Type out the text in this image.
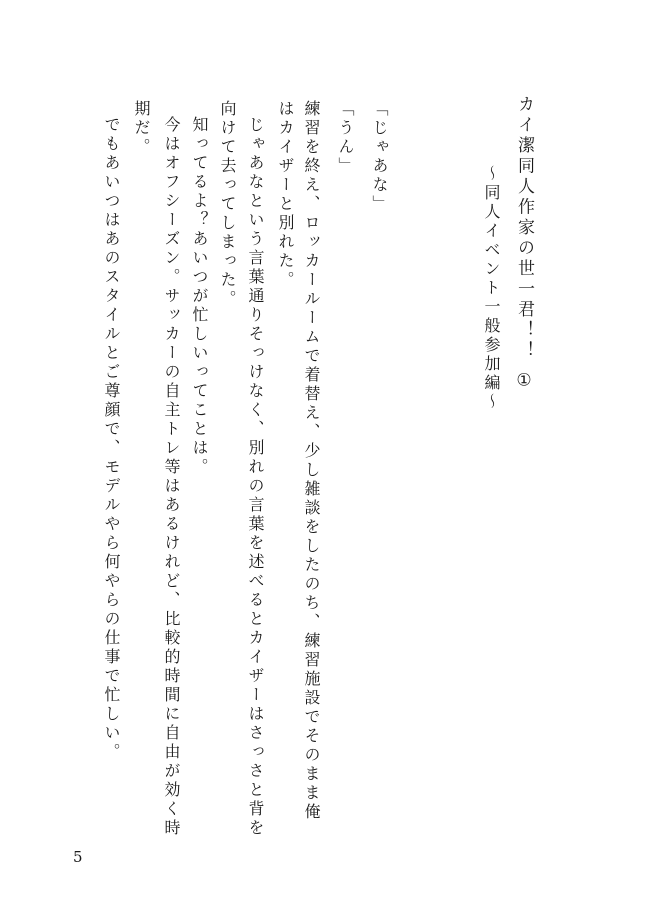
カイ潔同人作家の世一君！！ ①
〜同人イベント一般参加編〜
「じゃあな」
「うん」
練習を終え、ロッカールームで着替え、少し雑談をしたのち、練習施設でそのまま俺
はカイザーと別れた。
じゃあなという言葉通りそっけなく、別れの言葉を述べるとカイザーはさっさと背を
向けて去ってしまった。
知ってるよ？あいつが忙しいってことは。
今はオフシーズン。サッカーの自主トレ等はあるけれど、比較的時間に自由が効く時
期だ。
でもあいつはあのスタイルとご尊顔で、モデルやら何やらの仕事で忙しい。
5
